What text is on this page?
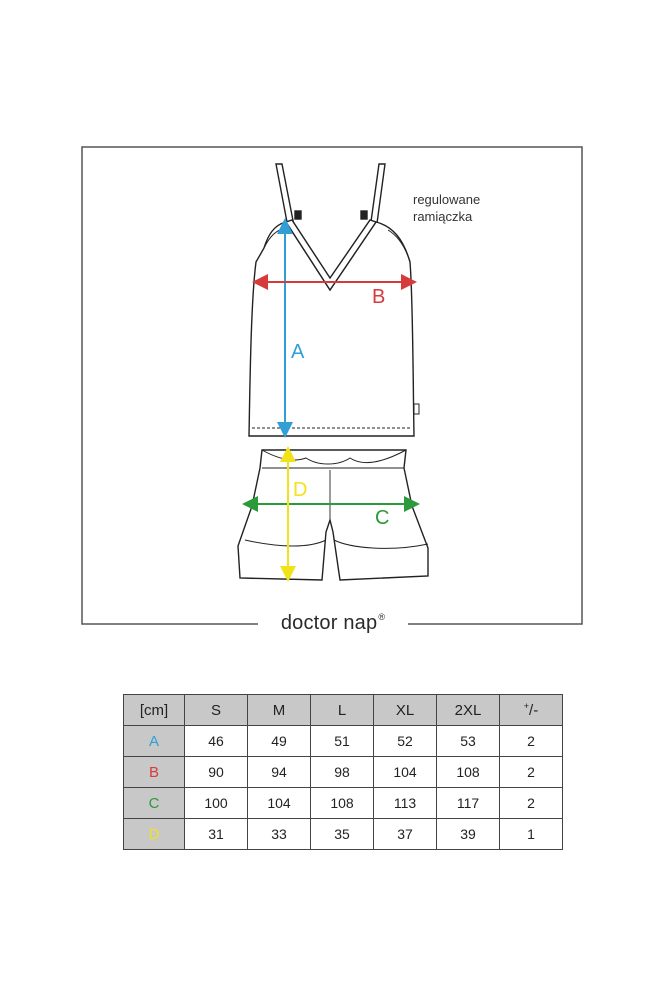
A
B
C
D
regulowane
ramiączka
doctor nap®
[cm]	S	M	L	XL	2XL	+/-
A	46	49	51	52	53	2
B	90	94	98	104	108	2
C	100	104	108	113	117	2
D	31	33	35	37	39	1
